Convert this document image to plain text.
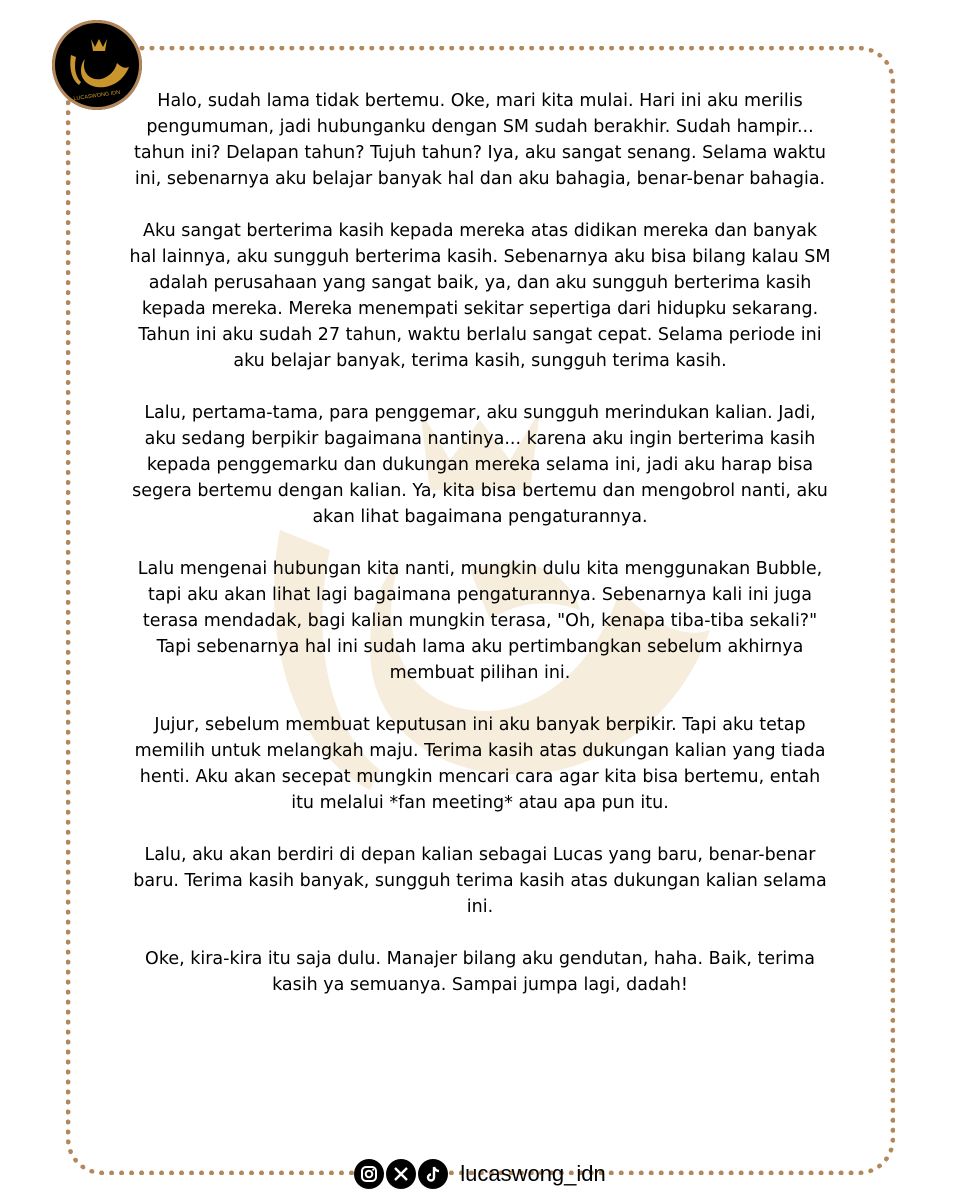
LUCASWONG IDN	Halo, sudah lama tidak bertemu. Oke, mari kita mulai. Hari ini aku merilis pengumuman, jadi hubunganku dengan SM sudah berakhir. Sudah hampir... tahun ini? Delapan tahun? Tujuh tahun? Iya, aku sangat senang. Selama waktu ini, sebenarnya aku belajar banyak hal dan aku bahagia, benar-benar bahagia.

Aku sangat berterima kasih kepada mereka atas didikan mereka dan banyak hal lainnya, aku sungguh berterima kasih. Sebenarnya aku bisa bilang kalau SM adalah perusahaan yang sangat baik, ya, dan aku sungguh berterima kasih kepada mereka. Mereka menempati sekitar sepertiga dari hidupku sekarang. Tahun ini aku sudah 27 tahun, waktu berlalu sangat cepat. Selama periode ini aku belajar banyak, terima kasih, sungguh terima kasih.

Lalu, pertama-tama, para penggemar, aku sungguh merindukan kalian. Jadi, aku sedang berpikir bagaimana nantinya... karena aku ingin berterima kasih kepada penggemarku dan dukungan mereka selama ini, jadi aku harap bisa segera bertemu dengan kalian. Ya, kita bisa bertemu dan mengobrol nanti, aku akan lihat bagaimana pengaturannya.

Lalu mengenai hubungan kita nanti, mungkin dulu kita menggunakan Bubble, tapi aku akan lihat lagi bagaimana pengaturannya. Sebenarnya kali ini juga terasa mendadak, bagi kalian mungkin terasa, "Oh, kenapa tiba-tiba sekali?" Tapi sebenarnya hal ini sudah lama aku pertimbangkan sebelum akhirnya membuat pilihan ini.

Jujur, sebelum membuat keputusan ini aku banyak berpikir. Tapi aku tetap memilih untuk melangkah maju. Terima kasih atas dukungan kalian yang tiada henti. Aku akan secepat mungkin mencari cara agar kita bisa bertemu, entah itu melalui *fan meeting* atau apa pun itu.

Lalu, aku akan berdiri di depan kalian sebagai Lucas yang baru, benar-benar baru. Terima kasih banyak, sungguh terima kasih atas dukungan kalian selama ini.

Oke, kira-kira itu saja dulu. Manajer bilang aku gendutan, haha. Baik, terima kasih ya semuanya. Sampai jumpa lagi, dadah!

lucaswong_idn
